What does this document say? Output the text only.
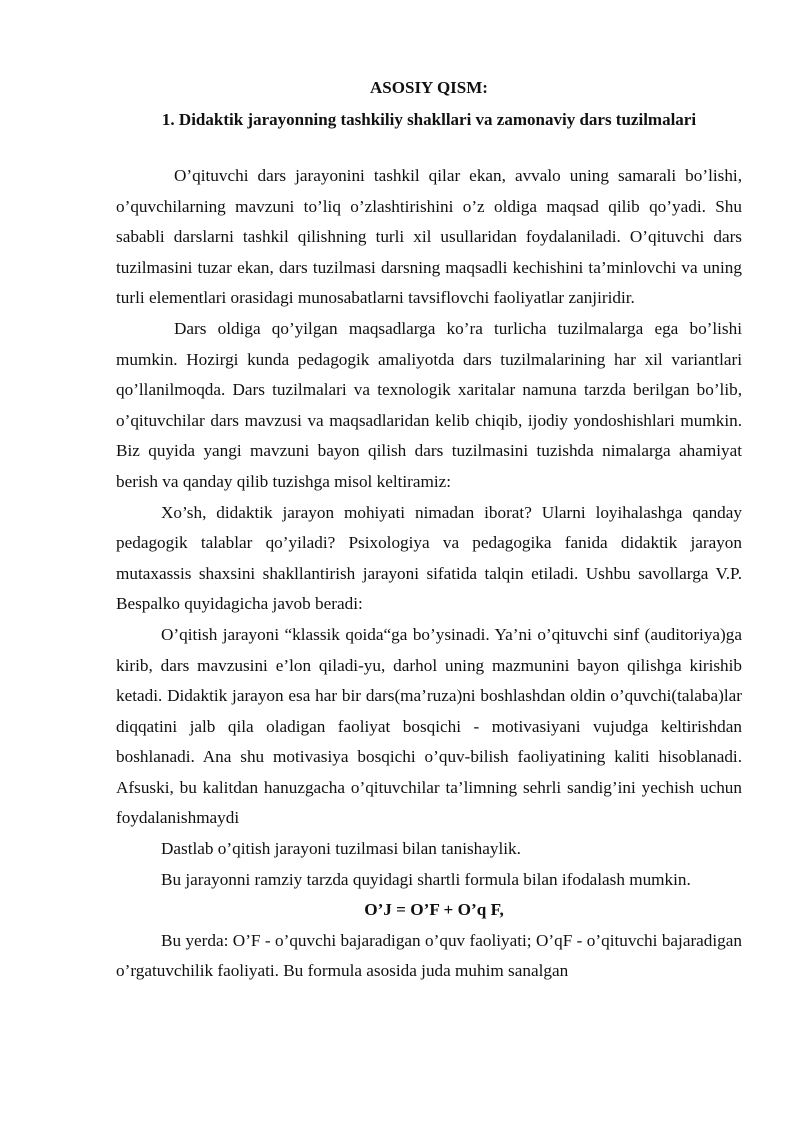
ASOSIY QISM:

1. Didaktik jarayonning tashkiliy shakllari va zamonaviy dars tuzilmalari

O’qituvchi dars jarayonini tashkil qilar ekan, avvalo uning samarali bo’lishi, o’quvchilarning mavzuni to’liq o’zlashtirishini o’z oldiga maqsad qilib qo’yadi. Shu sababli darslarni tashkil qilishning turli xil usullaridan foydalaniladi. O’qituvchi dars tuzilmasini tuzar ekan, dars tuzilmasi darsning maqsadli kechishini ta’minlovchi va uning turli elementlari orasidagi munosabatlarni tavsiflovchi faoliyatlar zanjiridir.

Dars oldiga qo’yilgan maqsadlarga ko’ra turlicha tuzilmalarga ega bo’lishi mumkin. Hozirgi kunda pedagogik amaliyotda dars tuzilmalarining har xil variantlari qo’llanilmoqda. Dars tuzilmalari va texnologik xaritalar namuna tarzda berilgan bo’lib, o’qituvchilar dars mavzusi va maqsadlaridan kelib chiqib, ijodiy yondoshishlari mumkin. Biz quyida yangi mavzuni bayon qilish dars tuzilmasini tuzishda nimalarga ahamiyat berish va qanday qilib tuzishga misol keltiramiz:

Xo’sh, didaktik jarayon mohiyati nimadan iborat? Ularni loyihalashga qanday pedagogik talablar qo’yiladi? Psixologiya va pedagogika fanida didaktik jarayon mutaxassis shaxsini shakllantirish jarayoni sifatida talqin etiladi. Ushbu savollarga V.P. Bespalko quyidagicha javob beradi:

O’qitish jarayoni “klassik qoida“ga bo’ysinadi. Ya’ni o’qituvchi sinf (auditoriya)ga kirib, dars mavzusini e’lon qiladi-yu, darhol uning mazmunini bayon qilishga kirishib ketadi. Didaktik jarayon esa har bir dars(ma’ruza)ni boshlashdan oldin o’quvchi(talaba)lar diqqatini jalb qila oladigan faoliyat bosqichi - motivasiyani vujudga keltirishdan boshlanadi. Ana shu motivasiya bosqichi o’quv-bilish faoliyatining kaliti hisoblanadi. Afsuski, bu kalitdan hanuzgacha o’qituvchilar ta’limning sehrli sandig’ini yechish uchun foydalanishmaydi

Dastlab o’qitish jarayoni tuzilmasi bilan tanishaylik.

Bu jarayonni ramziy tarzda quyidagi shartli formula bilan ifodalash mumkin.

O’J = O’F + O’q F,

Bu yerda: O’F - o’quvchi bajaradigan o’quv faoliyati; O’qF - o’qituvchi bajaradigan o’rgatuvchilik faoliyati. Bu formula asosida juda muhim sanalgan
